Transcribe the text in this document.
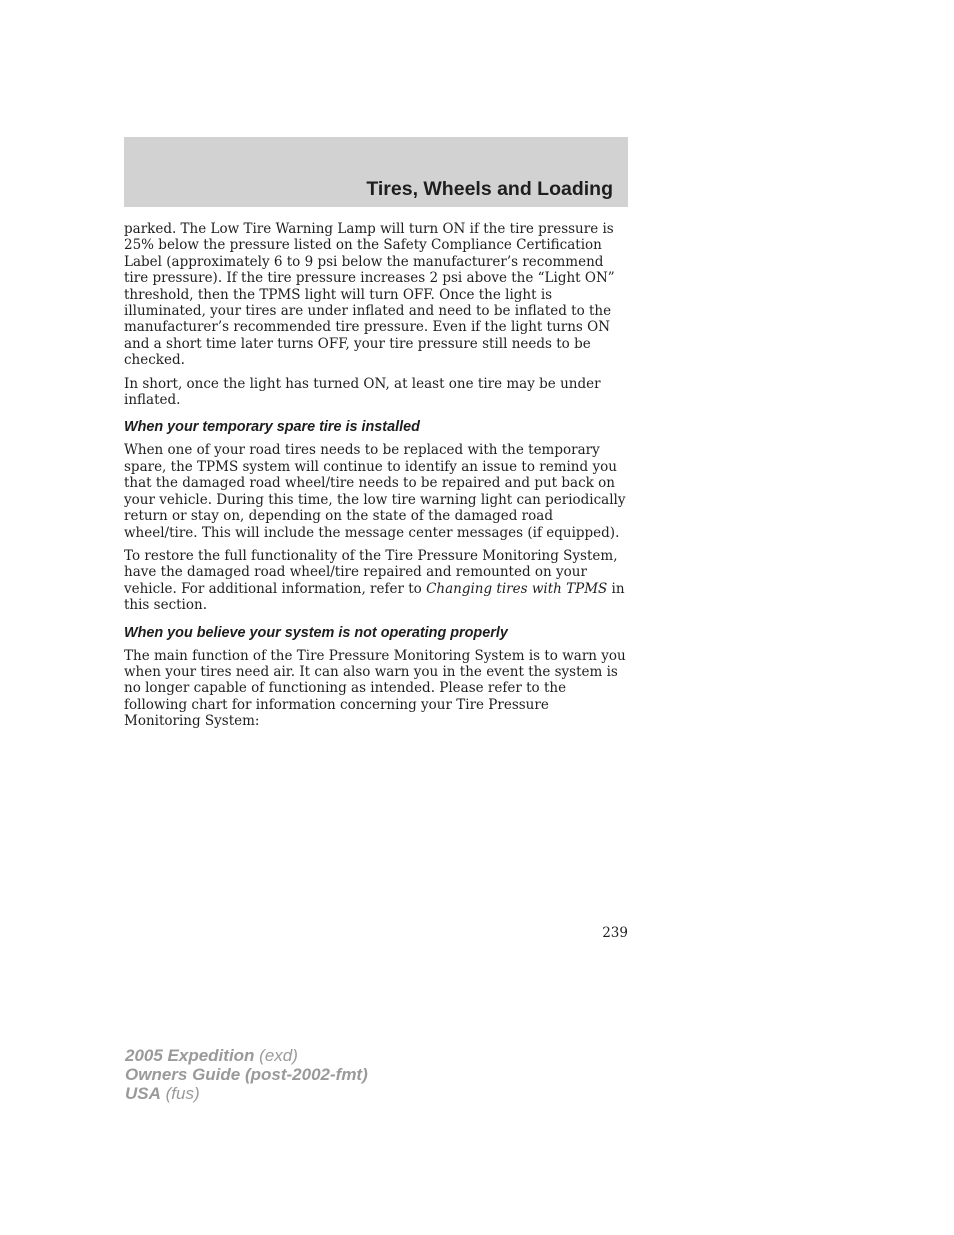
Tires, Wheels and Loading

parked. The Low Tire Warning Lamp will turn ON if the tire pressure is 25% below the pressure listed on the Safety Compliance Certification Label (approximately 6 to 9 psi below the manufacturer’s recommend tire pressure). If the tire pressure increases 2 psi above the “Light ON” threshold, then the TPMS light will turn OFF. Once the light is illuminated, your tires are under inflated and need to be inflated to the manufacturer’s recommended tire pressure. Even if the light turns ON and a short time later turns OFF, your tire pressure still needs to be checked.

In short, once the light has turned ON, at least one tire may be under inflated.

When your temporary spare tire is installed

When one of your road tires needs to be replaced with the temporary spare, the TPMS system will continue to identify an issue to remind you that the damaged road wheel/tire needs to be repaired and put back on your vehicle. During this time, the low tire warning light can periodically return or stay on, depending on the state of the damaged road wheel/tire. This will include the message center messages (if equipped).

To restore the full functionality of the Tire Pressure Monitoring System, have the damaged road wheel/tire repaired and remounted on your vehicle. For additional information, refer to Changing tires with TPMS in this section.

When you believe your system is not operating properly

The main function of the Tire Pressure Monitoring System is to warn you when your tires need air. It can also warn you in the event the system is no longer capable of functioning as intended. Please refer to the following chart for information concerning your Tire Pressure Monitoring System:

239
2005 Expedition (exd)
Owners Guide (post-2002-fmt)
USA (fus)
